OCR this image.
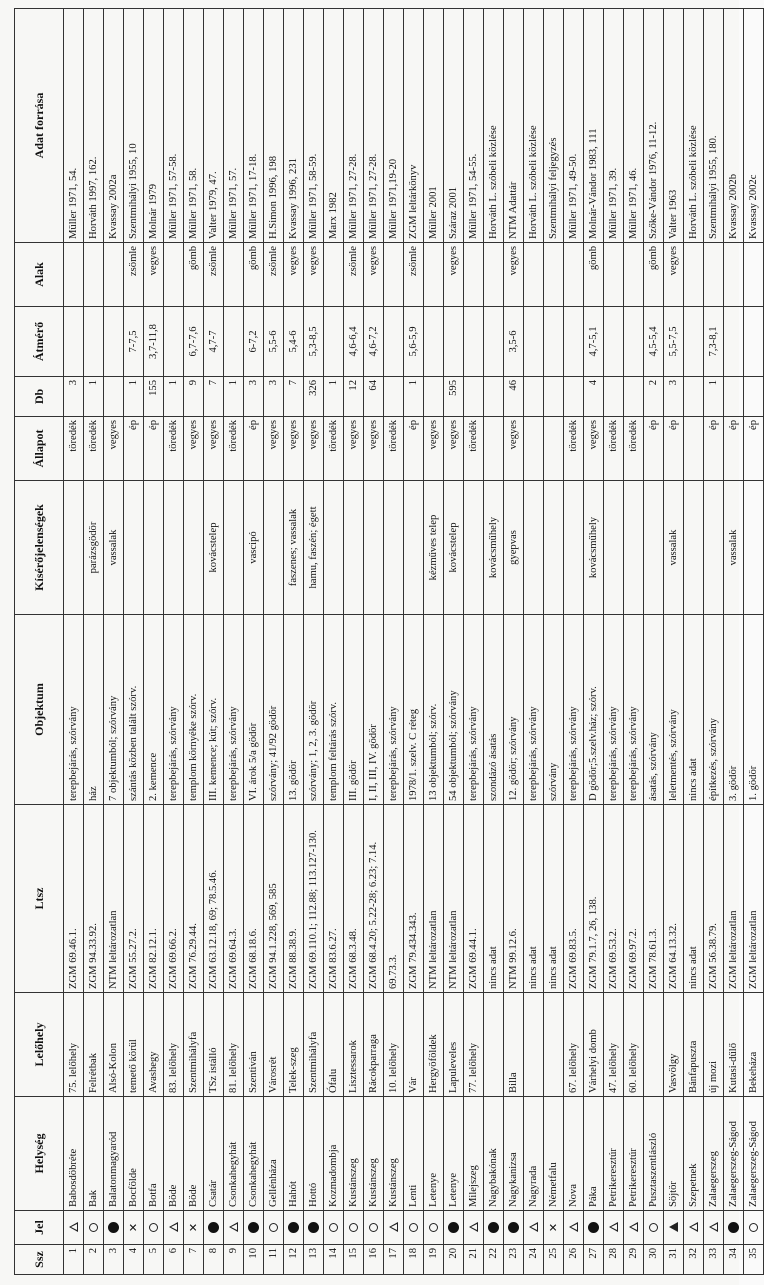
Ssz	Jel	Helység	Lelőhely	Ltsz	Objektum	Kísérőjelenségek	Állapot	Db	Átmérő	Alak	Adat forrása
1		Babosdöbréte	75. lelőhely	ZGM 69.46.1.	terepbejárás, szórvány		töredék	3			Müller 1971, 54.
2		Bak	Felrétbak	ZGM 94.33.92.	ház	parázsgödör	töredék	1			Horváth 1997, 162.
3		Balatonmagyaród	Alsó-Kolon	NTM leltározatlan	7 objektumból; szórvány	vassalak	vegyes				Kvassay 2002a
4	✕	Bocfölde	temető körül	ZGM 55.27.2.	szántás közben talált szórv.		ép	1	7-7,5	zsömle	Szentmihályi 1955, 10
5		Botfa	Avashegy	ZGM 82.12.1.	2. kemence		ép	155	3,7-11,8	vegyes	Molnár 1979
6		Böde	83. lelőhely	ZGM 69.66.2.	terepbejárás, szórvány		töredék	1			Müller 1971, 57-58.
7	✕	Böde	Szentmihályfa	ZGM 76.29.44.	templom környéke szórv.		vegyes	9	6,7-7,6	gömb	Müller 1971, 58.
8		Csatár	TSz istálló	ZGM 63.12.18, 69; 78.5.46.	III. kemence; kút; szórv.	kovácstelep	vegyes	7	4,7-7	zsömle	Valter 1979, 47.
9		Csonkahegyhát	81. lelőhely	ZGM 69.64.3.	terepbejárás, szórvány		töredék	1			Müller 1971, 57.
10		Csonkahegyhát	Szentiván	ZGM 68.18.6.	VI. árok 5/a gödör	vascipó	ép	3	6-7,2	gömb	Müller 1971, 17-18.
11		Gellénháza	Városrét	ZGM 94.1.228, 569, 585	szórvány; 41/92 gödör		vegyes	3	5,5-6	zsömle	H.Simon 1996, 198
12		Hahót	Telek-szeg	ZGM 88.38.9.	13. gödör	faszenes; vassalak	vegyes	7	5,4-6	vegyes	Kvassay 1996, 231
13		Hottó	Szentmihályfa	ZGM 69.110.1; 112.88; 113.127-130.	szórvány; 1, 2, 3. gödör	hamu, faszén; égett	vegyes	326	5,3-8,5	vegyes	Müller 1971, 58-59.
14		Kozmadombja	Ófalu	ZGM 83.6.27.	templom feltárás szórv.		töredék	1			Marx 1982
15		Kustánszeg	Lisztessarok	ZGM 68.3.48.	III. gödör		vegyes	12	4,6-6,4	zsömle	Müller 1971, 27-28.
16		Kustánszeg	Rácokparraga	ZGM 68.4.20; 5.22-28; 6.23; 7.14.	I, II, III, IV. gödör		vegyes	64	4,6-7,2	vegyes	Müller 1971, 27-28.
17		Kustánszeg	10. lelőhely	69.73.3.	terepbejárás, szórvány		töredék				Müller 1971,19-20
18		Lenti	Vár	ZGM 79.434.343.	1978/1. szelv. C réteg		ép	1	5,6-5,9	zsömle	ZGM leltárkönyv
19		Letenye	Hergyöföldek	NTM leltározatlan	13 objektumból; szórv.	kézműves telep	vegyes				Müller 2001
20		Letenye	Lapuleveles	NTM leltározatlan	54 objektumból; szórvány	kovácstelep	vegyes	595		vegyes	Száraz 2001
21		Milejszeg	77. lelőhely	ZGM 69.44.1.	terepbejárás, szórvány		töredék				Müller 1971, 54-55.
22		Nagybakónak		nincs adat	szondázó ásatás	kovácsműhely					Horváth L. szóbeli közlése
23		Nagykanizsa	Billa	NTM 99.12.6.	12. gödör; szórvány	gyepvas	vegyes	46	3,5-6	vegyes	NTM Adattár
24		Nagyrada		nincs adat	terepbejárás, szórvány						Horváth L. szóbeli közlése
25	✕	Németfalu		nincs adat	szórvány						Szentmihályi feljegyzés
26		Nova	67. lelőhely	ZGM 69.83.5.	terepbejárás, szórvány		töredék				Müller 1971, 49-50.
27		Páka	Várhelyi domb	ZGM 79.1.7, 26, 138.	D gödör;5.szelv.ház; szórv.	kovácsműhely	vegyes	4	4,7-5,1	gömb	Molnár-Vándor 1983, 111
28		Petrikeresztúr	47. lelőhely	ZGM 69.53.2.	terepbejárás, szórvány		töredék				Müller 1971, 39.
29		Petrikeresztúr	60. lelőhely	ZGM 69.97.2.	terepbejárás, szórvány		töredék				Müller 1971, 46.
30		Pusztaszentlászló		ZGM 78.61.3.	ásatás, szórvány		ép	2	4,5-5,4	gömb	Szőke-Vándor 1976, 11-12.
31		Söjtör	Vasvölgy	ZGM 64.13.32.	leletmentés, szórvány	vassalak	ép	3	5,5-7,5	vegyes	Valter 1963
32		Szepetnek	Bánfapuszta	nincs adat	nincs adat						Horváth L. szóbeli közlése
33		Zalaegerszeg	új mozi	ZGM 56.38.79.	építkezés, szórvány		ép	1	7,3-8,1		Szentmihályi 1955, 180.
34		Zalaegerszeg-Ságod	Kutasi-dűlő	ZGM leltározatlan	3. gödör	vassalak	ép				Kvassay 2002b
35		Zalaegerszeg-Ságod	Bekeháza	ZGM leltározatlan	1. gödör		ép				Kvassay 2002c
